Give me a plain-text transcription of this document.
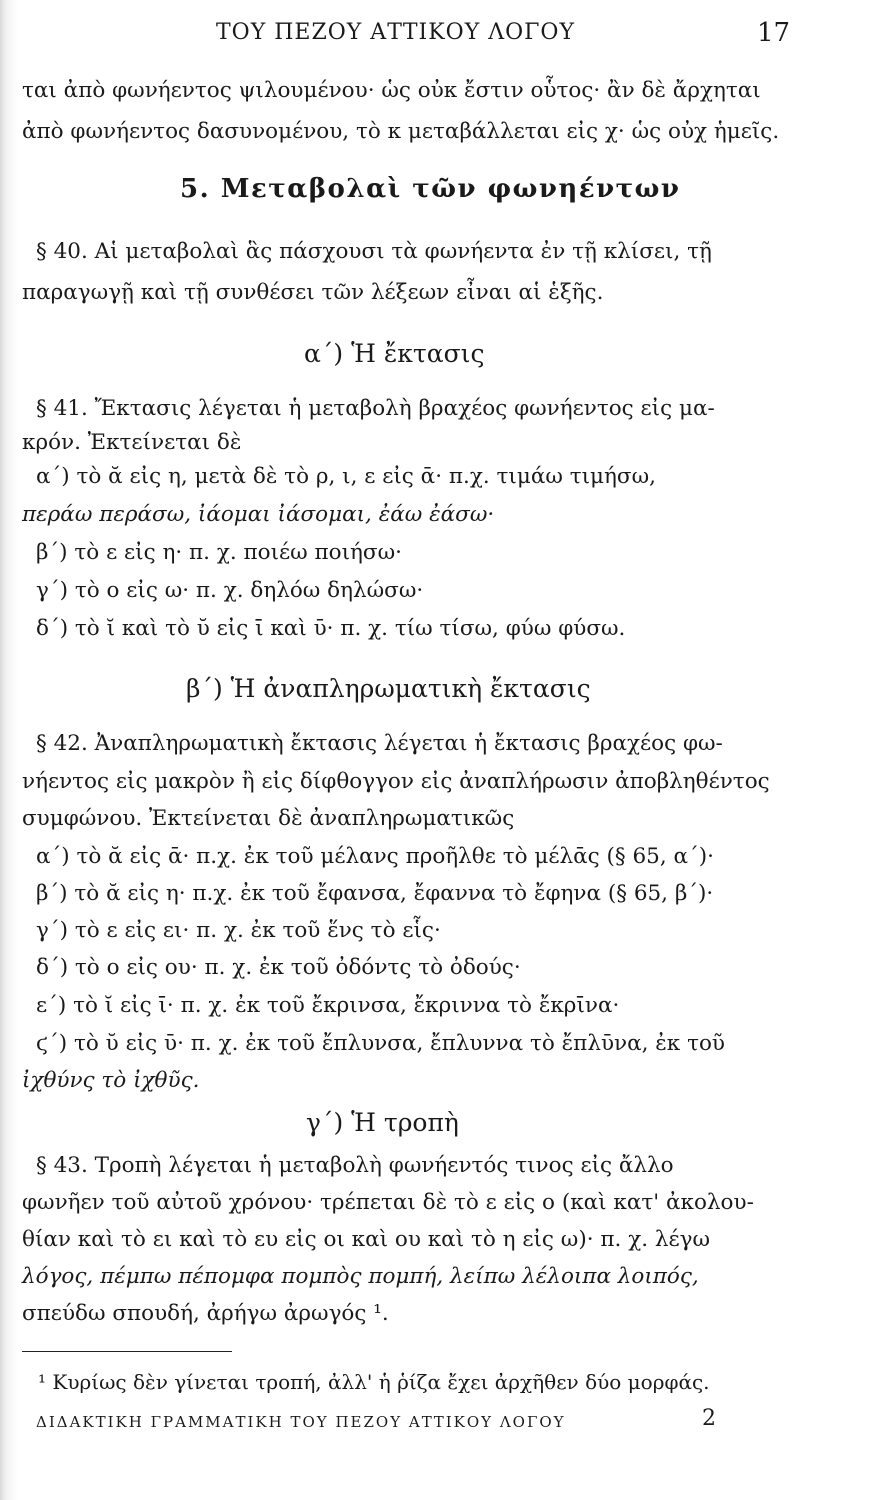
ΤΟΥ ΠΕΖΟΥ ΑΤΤΙΚΟΥ ΛΟΓΟΥ	17
ται ἀπὸ φωνήεντος ψιλουμένου· ὡς οὐκ ἔστιν οὗτος· ἂν δὲ ἄρχηται
ἀπὸ φωνήεντος δασυνομένου, τὸ κ μεταβάλλεται εἰς χ· ὡς οὐχ ἡμεῖς.
5. Μεταβολαὶ τῶν φωνηέντων
§ 40. Αἱ μεταβολαὶ ἃς πάσχουσι τὰ φωνήεντα ἐν τῇ κλίσει, τῇ
παραγωγῇ καὶ τῇ συνθέσει τῶν λέξεων εἶναι αἱ ἑξῆς.
α΄) Ἡ ἔκτασις
§ 41. Ἔκτασις λέγεται ἡ μεταβολὴ βραχέος φωνήεντος εἰς μα-
κρόν. Ἐκτείνεται δὲ
α΄) τὸ ᾰ εἰς η, μετὰ δὲ τὸ ρ, ι, ε εἰς ᾱ· π.χ. τιμάω τιμήσω,
περάω περάσω, ἰάομαι ἰάσομαι, ἐάω ἐάσω·
β΄) τὸ ε εἰς η· π. χ. ποιέω ποιήσω·
γ΄) τὸ ο εἰς ω· π. χ. δηλόω δηλώσω·
δ΄) τὸ ῐ καὶ τὸ ῠ εἰς ῑ καὶ ῡ· π. χ. τίω τίσω, φύω φύσω.
β΄) Ἡ ἀναπληρωματικὴ ἔκτασις
§ 42. Ἀναπληρωματικὴ ἔκτασις λέγεται ἡ ἔκτασις βραχέος φω-
νήεντος εἰς μακρὸν ἢ εἰς δίφθογγον εἰς ἀναπλήρωσιν ἀποβληθέντος
συμφώνου. Ἐκτείνεται δὲ ἀναπληρωματικῶς
α΄) τὸ ᾰ εἰς ᾱ· π.χ. ἐκ τοῦ μέλανς προῆλθε τὸ μέλᾱς (§ 65, α΄)·
β΄) τὸ ᾰ εἰς η· π.χ. ἐκ τοῦ ἔφανσα, ἔφαννα τὸ ἔφηνα (§ 65, β΄)·
γ΄) τὸ ε εἰς ει· π. χ. ἐκ τοῦ ἕνς τὸ εἷς·
δ΄) τὸ ο εἰς ου· π. χ. ἐκ τοῦ ὀδόντς τὸ ὀδούς·
ε΄) τὸ ῐ εἰς ῑ· π. χ. ἐκ τοῦ ἔκρινσα, ἔκριννα τὸ ἔκρῑνα·
ϛ΄) τὸ ῠ εἰς ῡ· π. χ. ἐκ τοῦ ἔπλυνσα, ἔπλυννα τὸ ἔπλῡνα, ἐκ τοῦ
ἰχθύνς τὸ ἰχθῦς.
γ΄) Ἡ τροπὴ
§ 43. Τροπὴ λέγεται ἡ μεταβολὴ φωνήεντός τινος εἰς ἄλλο
φωνῆεν τοῦ αὐτοῦ χρόνου· τρέπεται δὲ τὸ ε εἰς ο (καὶ κατ' ἀκολου-
θίαν καὶ τὸ ει καὶ τὸ ευ εἰς οι καὶ ου καὶ τὸ η εἰς ω)· π. χ. λέγω
λόγος, πέμπω πέπομφα πομπὸς πομπή, λείπω λέλοιπα λοιπός,
σπεύδω σπουδή, ἀρήγω ἀρωγός ¹.
¹ Κυρίως δὲν γίνεται τροπή, ἀλλ' ἡ ῥίζα ἔχει ἀρχῆθεν δύο μορφάς.
ΔΙΔΑΚΤΙΚΗ ΓΡΑΜΜΑΤΙΚΗ ΤΟΥ ΠΕΖΟΥ ΑΤΤΙΚΟΥ ΛΟΓΟΥ	2
